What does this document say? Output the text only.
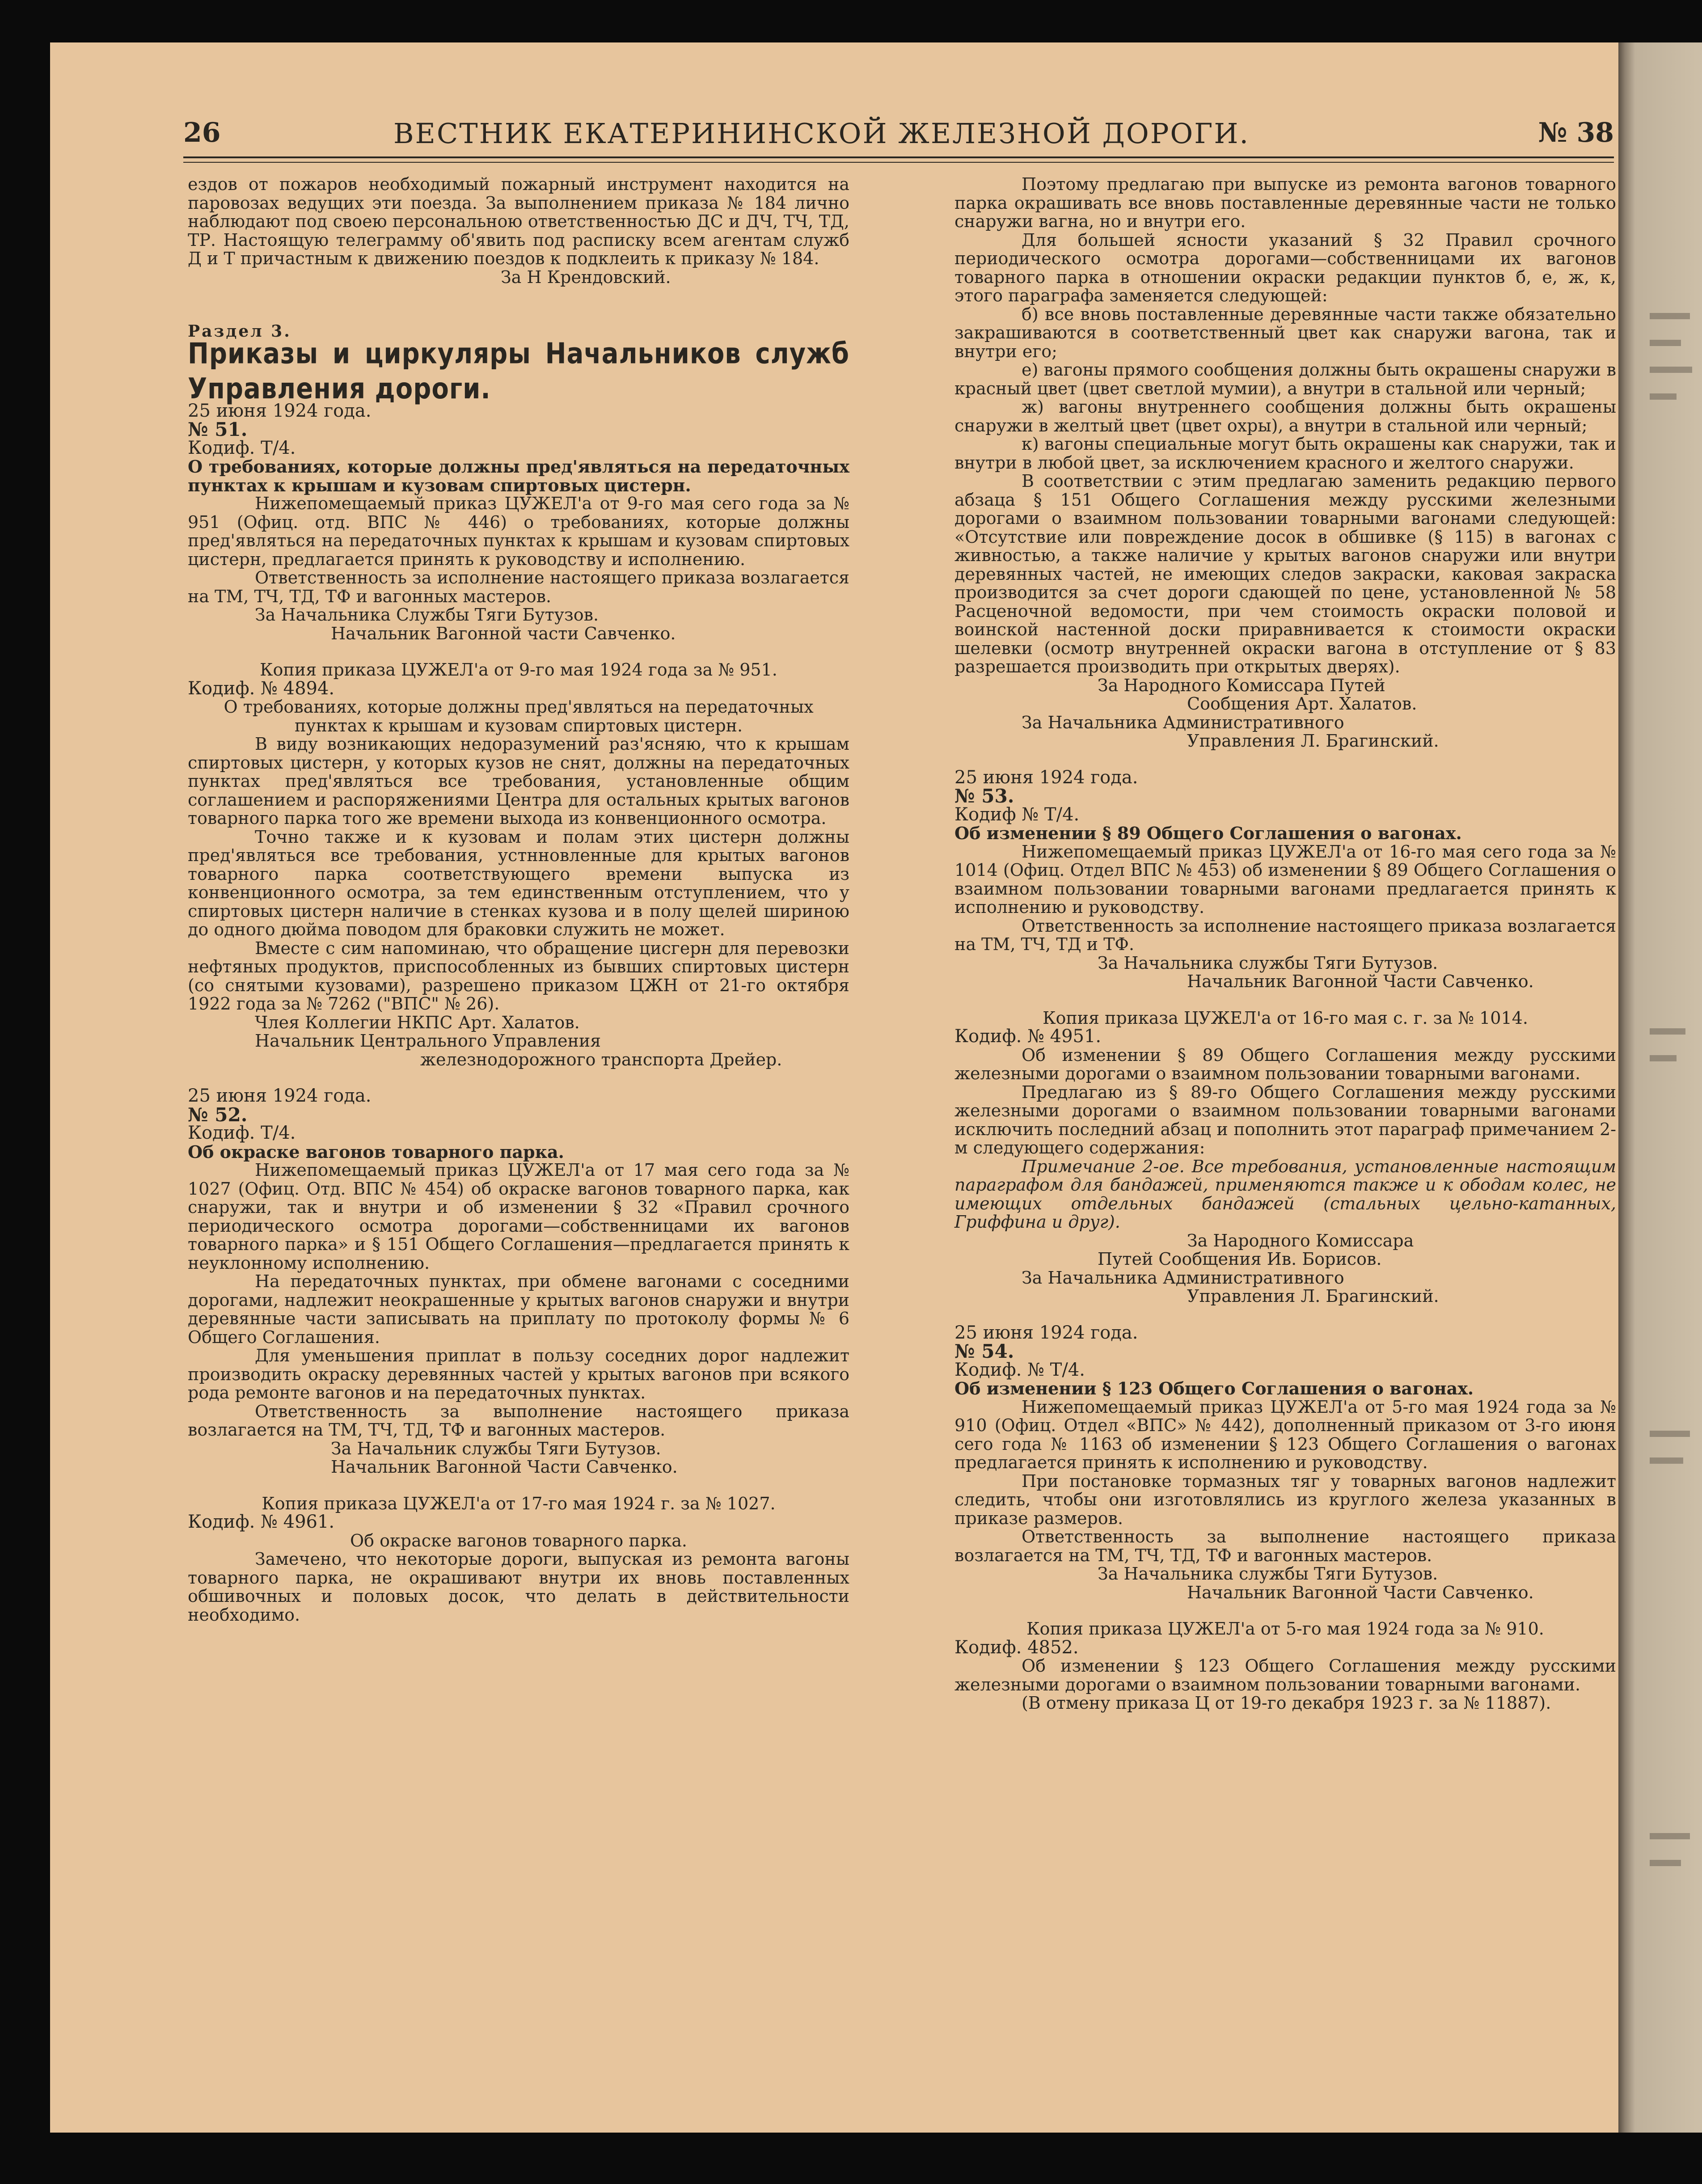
26	ВЕСТНИК ЕКАТЕРИНИНСКОЙ ЖЕЛЕЗНОЙ ДОРОГИ.	№ 38

ездов от пожаров необходимый пожарный инструмент находится на паровозах ведущих эти поезда. За выполнением приказа № 184 лично наблюдают под своею персональною ответственностью ДС и ДЧ, ТЧ, ТД, ТР. Настоящую телеграмму об'явить под расписку всем агентам служб Д и Т причастным к движению поездов к подклеить к приказу № 184.

За Н Крендовский.

Раздел 3.

Приказы и циркуляры Начальников служб Управления дороги.

25 июня 1924 года.

№ 51.

Кодиф. Т/4.

О требованиях, которые должны пред'являться на передаточных пунктах к крышам и кузовам спиртовых цистерн.

Нижепомещаемый приказ ЦУЖЕЛ'а от 9-го мая сего года за № 951 (Офиц. отд. ВПС № 446) о требованиях, которые должны пред'являться на передаточных пунктах к крышам и кузовам спиртовых цистерн, предлагается принять к руководству и исполнению.

Ответственность за исполнение настоящего приказа возлагается на ТМ, ТЧ, ТД, ТФ и вагонных мастеров.

За Начальника Службы Тяги Бутузов.

Начальник Вагонной части Савченко.

Копия приказа ЦУЖЕЛ'а от 9-го мая 1924 года за № 951.

Кодиф. № 4894.

О требованиях, которые должны пред'являться на передаточных пунктах к крышам и кузовам спиртовых цистерн.

В виду возникающих недоразумений раз'ясняю, что к крышам спиртовых цистерн, у которых кузов не снят, должны на передаточных пунктах пред'являться все требования, установленные общим соглашением и распоряжениями Центра для остальных крытых вагонов товарного парка того же времени выхода из конвенционного осмотра.

Точно также и к кузовам и полам этих цистерн должны пред'являться все требования, устнновленные для крытых вагонов товарного парка соответствующего времени выпуска из конвенционного осмотра, за тем единственным отступлением, что у спиртовых цистерн наличие в стенках кузова и в полу щелей шириною до одного дюйма поводом для браковки служить не может.

Вместе с сим напоминаю, что обращение цисгерн для перевозки нефтяных продуктов, приспособленных из бывших спиртовых цистерн (со снятыми кузовами), разрешено приказом ЦЖН от 21-го октября 1922 года за № 7262 ("ВПС" № 26).

Члея Коллегии НКПС Арт. Халатов.

Начальник Центрального Управления

железнодорожного транспорта Дрейер.

25 июня 1924 года.

№ 52.

Кодиф. Т/4.

Об окраске вагонов товарного парка.

Нижепомещаемый приказ ЦУЖЕЛ'а от 17 мая сего года за № 1027 (Офиц. Отд. ВПС № 454) об окраске вагонов товарного парка, как снаружи, так и внутри и об изменении § 32 «Правил срочного периодического осмотра дорогами—собственницами их вагонов товарного парка» и § 151 Общего Соглашения—предлагается принять к неуклонному исполнению.

На передаточных пунктах, при обмене вагонами с соседними дорогами, надлежит неокрашенные у крытых вагонов снаружи и внутри деревянные части записывать на приплату по протоколу формы № 6 Общего Соглашения.

Для уменьшения приплат в пользу соседних дорог надлежит производить окраску деревянных частей у крытых вагонов при всякого рода ремонте вагонов и на передаточных пунктах.

Ответственность за выполнение настоящего приказа возлагается на ТМ, ТЧ, ТД, ТФ и вагонных мастеров.

За Начальник службы Тяги Бутузов.

Начальник Вагонной Части Савченко.

Копия приказа ЦУЖЕЛ'а от 17-го мая 1924 г. за № 1027.

Кодиф. № 4961.

Об окраске вагонов товарного парка.

Замечено, что некоторые дороги, выпуская из ремонта вагоны товарного парка, не окрашивают внутри их вновь поставленных обшивочных и половых досок, что делать в действительности необходимо.

Поэтому предлагаю при выпуске из ремонта вагонов товарного парка окрашивать все вновь поставленные деревянные части не только снаружи вагна, но и внутри его.

Для большей ясности указаний § 32 Правил срочного периодического осмотра дорогами—собственницами их вагонов товарного парка в отношении окраски редакции пунктов б, е, ж, к, этого параграфа заменяется следующей:

б) все вновь поставленные деревянные части также обязательно закрашиваются в соответственный цвет как снаружи вагона, так и внутри его;

е) вагоны прямого сообщения должны быть окрашены снаружи в красный цвет (цвет светлой мумии), а внутри в стальной или черный;

ж) вагоны внутреннего сообщения должны быть окрашены снаружи в желтый цвет (цвет охры), а внутри в стальной или черный;

к) вагоны специальные могут быть окрашены как снаружи, так и внутри в любой цвет, за исключением красного и желтого снаружи.

В соответствии с этим предлагаю заменить редакцию первого абзаца § 151 Общего Соглашения между русскими железными дорогами о взаимном пользовании товарными вагонами следующей: «Отсутствие или повреждение досок в обшивке (§ 115) в вагонах с живностью, а также наличие у крытых вагонов снаружи или внутри деревянных частей, не имеющих следов закраски, каковая закраска производится за счет дороги сдающей по цене, установленной № 58 Расценочной ведомости, при чем стоимость окраски половой и воинской настенной доски приравнивается к стоимости окраски шелевки (осмотр внутренней окраски вагона в отступление от § 83 разрешается производить при открытых дверях).

За Народного Комиссара Путей

Сообщения Арт. Халатов.

За Начальника Административного

Управления Л. Брагинский.

25 июня 1924 года.

№ 53.

Кодиф № Т/4.

Об изменении § 89 Общего Соглашения о вагонах.

Нижепомещаемый приказ ЦУЖЕЛ'а от 16-го мая сего года за № 1014 (Офиц. Отдел ВПС № 453) об изменении § 89 Общего Соглашения о взаимном пользовании товарными вагонами предлагается принять к исполнению и руководству.

Ответственность за исполнение настоящего приказа возлагается на ТМ, ТЧ, ТД и ТФ.

За Начальника службы Тяги Бутузов.

Начальник Вагонной Части Савченко.

Копия приказа ЦУЖЕЛ'а от 16-го мая с. г. за № 1014.

Кодиф. № 4951.

Об изменении § 89 Общего Соглашения между русскими железными дорогами о взаимном пользовании товарными вагонами.

Предлагаю из § 89-го Общего Соглашения между русскими железными дорогами о взаимном пользовании товарными вагонами исключить последний абзац и пополнить этот параграф примечанием 2-м следующего содержания:

Примечание 2-ое. Все требования, установленные настоящим параграфом для бандажей, применяются также и к ободам колес, не имеющих отдельных бандажей (стальных цельно-катанных, Гриффина и друг).

За Народного Комиссара

Путей Сообщения Ив. Борисов.

За Начальника Административного

Управления Л. Брагинский.

25 июня 1924 года.

№ 54.

Кодиф. № Т/4.

Об изменении § 123 Общего Соглашения о вагонах.

Нижепомещаемый приказ ЦУЖЕЛ'а от 5-го мая 1924 года за № 910 (Офиц. Отдел «ВПС» № 442), дополненный приказом от 3-го июня сего года № 1163 об изменении § 123 Общего Соглашения о вагонах предлагается принять к исполнению и руководству.

При постановке тормазных тяг у товарных вагонов надлежит следить, чтобы они изготовлялись из круглого железа указанных в приказе размеров.

Ответственность за выполнение настоящего приказа возлагается на ТМ, ТЧ, ТД, ТФ и вагонных мастеров.

За Начальника службы Тяги Бутузов.

Начальник Вагонной Части Савченко.

Копия приказа ЦУЖЕЛ'а от 5-го мая 1924 года за № 910.

Кодиф. 4852.

Об изменении § 123 Общего Соглашения между русскими железными дорогами о взаимном пользовании товарными вагонами.

(В отмену приказа Ц от 19-го декабря 1923 г. за № 11887).
